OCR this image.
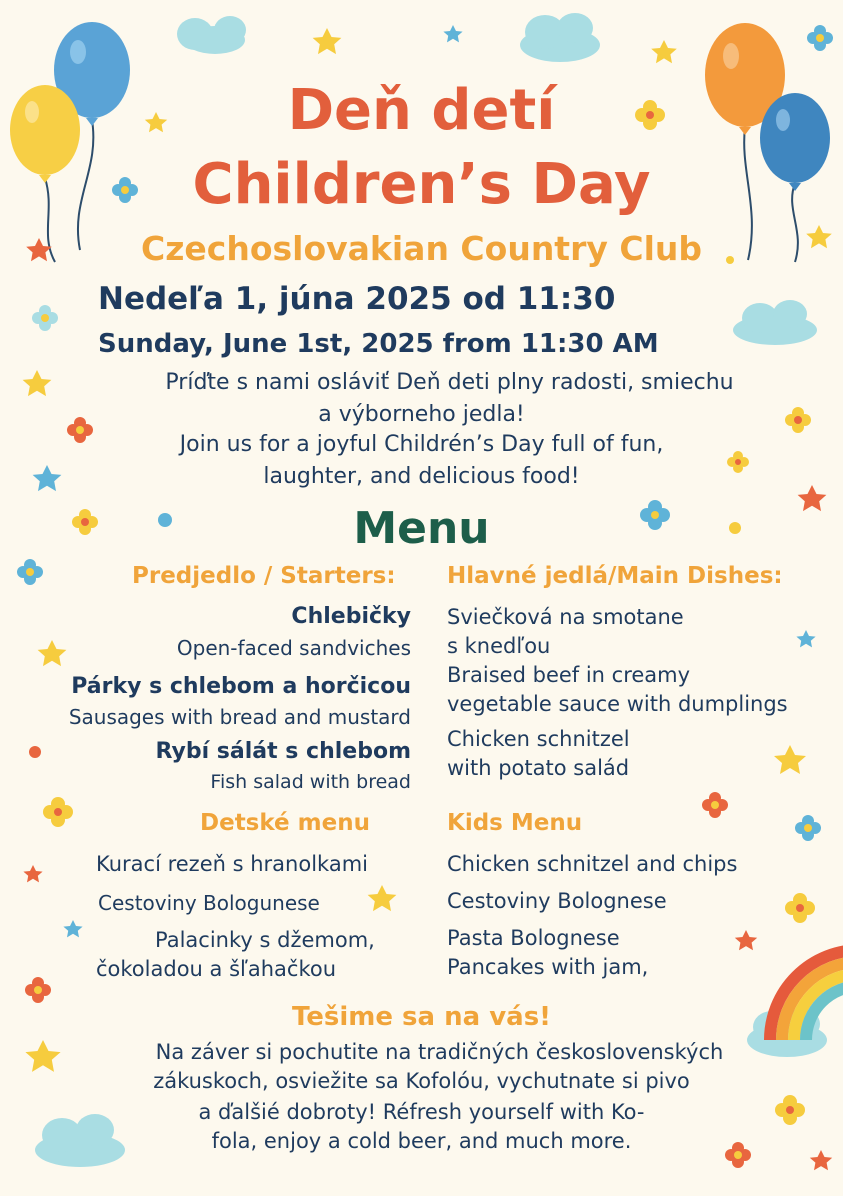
Deň detí
Children’s Day
Czechoslovakian Country Club
Nedeľa 1, júna 2025 od 11:30
Sunday, June 1st, 2025 from 11:30 AM
Príďte s nami osláviť Deň deti plny radosti, smiechu
a výborneho jedla!
Join us for a joyful Childrén’s Day full of fun,
laughter, and delicious food!
Menu
Predjedlo / Starters:
Chlebičky
Open-faced sandviches
Párky s chlebom a horčicou
Sausages with bread and mustard
Rybí sálát s chlebom
Fish salad with bread
Hlavné jedlá/Main Dishes:
Sviečková na smotane
s knedľou
Braised beef in creamy
vegetable sauce with dumplings
Chicken schnitzel
with potato salád
Detské menu
Kurací rezeň s hranolkami
Cestoviny Bologunese
Palacinky s džemom,
čokoladou a šľahačkou
Kids Menu
Chicken schnitzel and chips
Cestoviny Bolognese
Pasta Bolognese
Pancakes with jam,
Tešime sa na vás!
Na záver si pochutite na tradičných československých
zákuskoch, osviežite sa Kofolóu, vychutnate si pivo
a ďalšié dobroty! Réfresh yourself with Ko-
fola, enjoy a cold beer, and much more.
